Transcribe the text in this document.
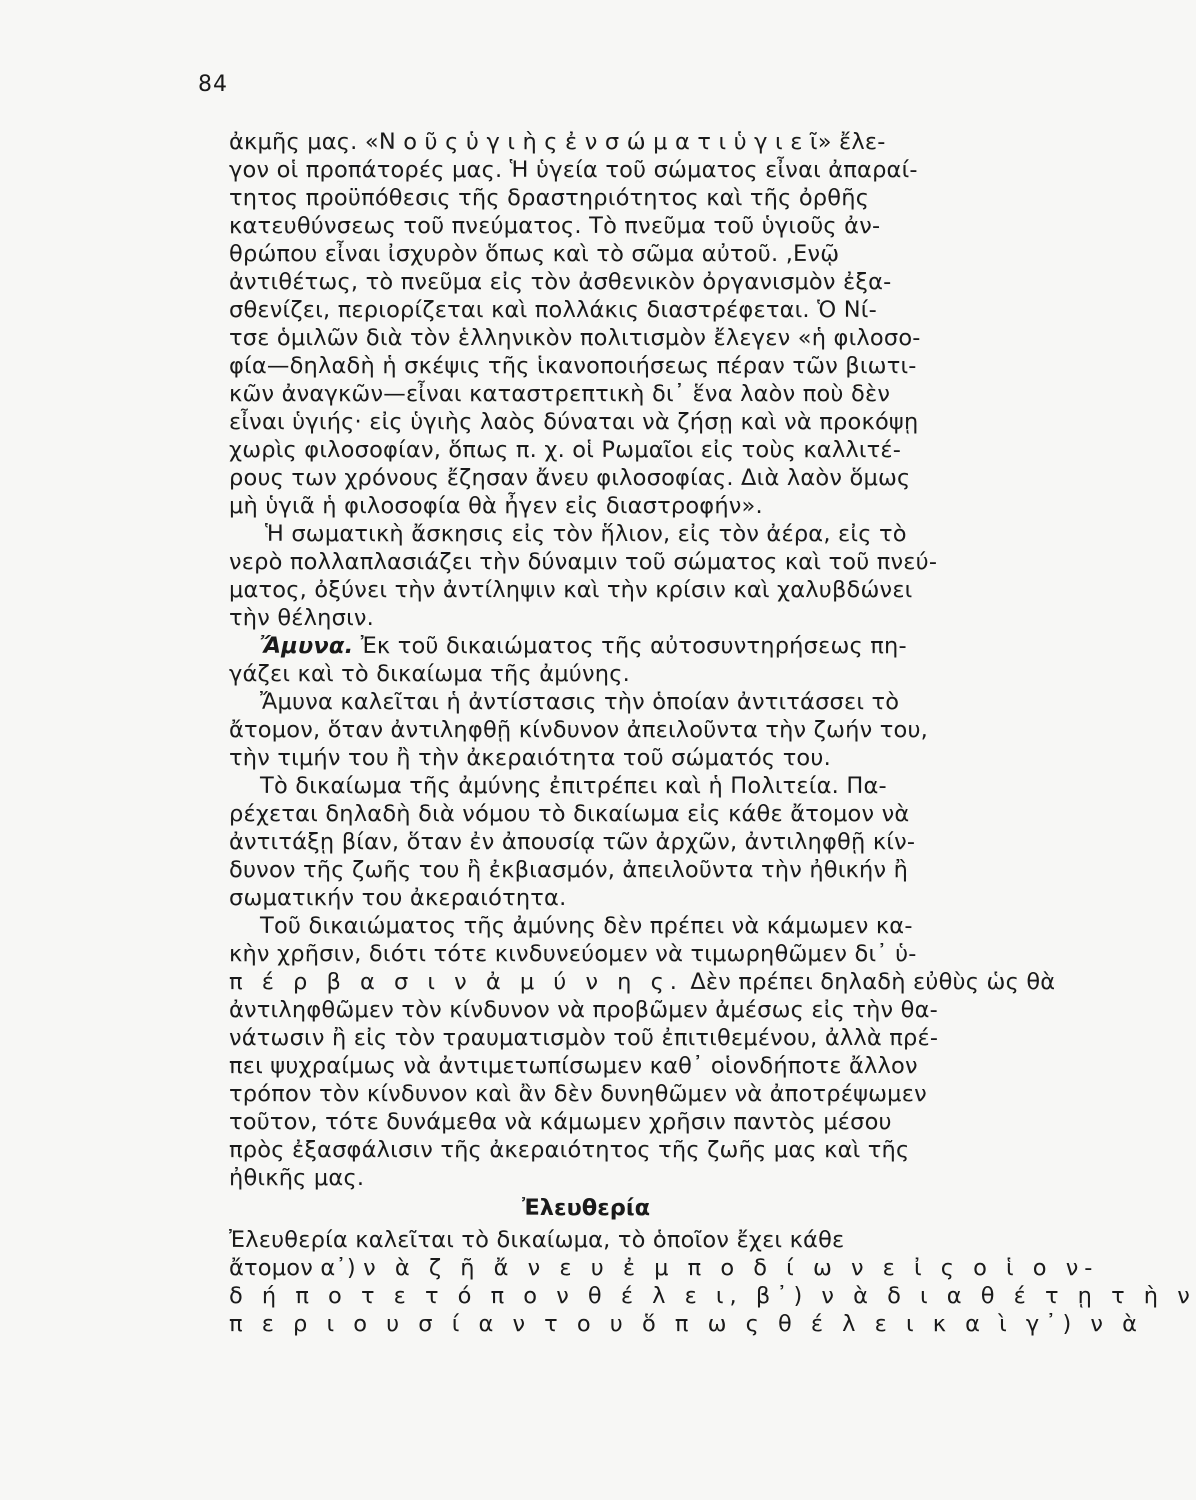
84
ἀκμῆς μας. «Ν ο ῦ ς ὑ γ ι ὴ ς ἐ ν σ ώ μ α τ ι ὑ γ ι ε ῖ» ἔλε-
γον οἱ προπάτορές μας. Ἡ ὑγεία τοῦ σώματος εἶναι ἀπαραί-
τητος προϋπόθεσις τῆς δραστηριότητος καὶ τῆς ὀρθῆς
κατευθύνσεως τοῦ πνεύματος. Τὸ πνεῦμα τοῦ ὑγιοῦς ἀν-
θρώπου εἶναι ἰσχυρὸν ὅπως καὶ τὸ σῶμα αὐτοῦ. ,Ενῷ
ἀντιθέτως, τὸ πνεῦμα εἰς τὸν ἀσθενικὸν ὀργανισμὸν ἐξα-
σθενίζει, περιορίζεται καὶ πολλάκις διαστρέφεται. Ὁ Νί-
τσε ὁμιλῶν διὰ τὸν ἑλληνικὸν πολιτισμὸν ἔλεγεν «ἡ φιλοσο-
φία—δηλαδὴ ἡ σκέψις τῆς ἱκανοποιήσεως πέραν τῶν βιωτι-
κῶν ἀναγκῶν—εἶναι καταστρεπτικὴ δι᾽ ἕνα λαὸν ποὺ δὲν
εἶναι ὑγιής· εἰς ὑγιὴς λαὸς δύναται νὰ ζήσῃ καὶ νὰ προκόψῃ
χωρὶς φιλοσοφίαν, ὅπως π. χ. οἱ Ρωμαῖοι εἰς τοὺς καλλιτέ-
ρους των χρόνους ἔζησαν ἄνευ φιλοσοφίας. Διὰ λαὸν ὅμως
μὴ ὑγιᾶ ἡ φιλοσοφία θὰ ἦγεν εἰς διαστροφήν».
Ἡ σωματικὴ ἄσκησις εἰς τὸν ἥλιον, εἰς τὸν ἀέρα, εἰς τὸ
νερὸ πολλαπλασιάζει τὴν δύναμιν τοῦ σώματος καὶ τοῦ πνεύ-
ματος, ὀξύνει τὴν ἀντίληψιν καὶ τὴν κρίσιν καὶ χαλυβδώνει
τὴν θέλησιν.
Ἄμυνα. Ἐκ τοῦ δικαιώματος τῆς αὐτοσυντηρήσεως πη-
γάζει καὶ τὸ δικαίωμα τῆς ἀμύνης.
Ἄμυνα καλεῖται ἡ ἀντίστασις τὴν ὁποίαν ἀντιτάσσει τὸ
ἄτομον, ὅταν ἀντιληφθῇ κίνδυνον ἀπειλοῦντα τὴν ζωήν του,
τὴν τιμήν του ἢ τὴν ἀκεραιότητα τοῦ σώματός του.
Τὸ δικαίωμα τῆς ἀμύνης ἐπιτρέπει καὶ ἡ Πολιτεία. Πα-
ρέχεται δηλαδὴ διὰ νόμου τὸ δικαίωμα εἰς κάθε ἄτομον νὰ
ἀντιτάξῃ βίαν, ὅταν ἐν ἀπουσίᾳ τῶν ἀρχῶν, ἀντιληφθῇ κίν-
δυνον τῆς ζωῆς του ἢ ἐκβιασμόν, ἀπειλοῦντα τὴν ἠθικήν ἢ
σωματικήν του ἀκεραιότητα.
Τοῦ δικαιώματος τῆς ἀμύνης δὲν πρέπει νὰ κάμωμεν κα-
κὴν χρῆσιν, διότι τότε κινδυνεύομεν νὰ τιμωρηθῶμεν δι᾽ ὑ-
π έ ρ β α σ ι ν ἀ μ ύ ν η ς. Δὲν πρέπει δηλαδὴ εὐθὺς ὡς θὰ
ἀντιληφθῶμεν τὸν κίνδυνον νὰ προβῶμεν ἀμέσως εἰς τὴν θα-
νάτωσιν ἢ εἰς τὸν τραυματισμὸν τοῦ ἐπιτιθεμένου, ἀλλὰ πρέ-
πει ψυχραίμως νὰ ἀντιμετωπίσωμεν καθ᾽ οἱονδήποτε ἄλλον
τρόπον τὸν κίνδυνον καὶ ἂν δὲν δυνηθῶμεν νὰ ἀποτρέψωμεν
τοῦτον, τότε δυνάμεθα νὰ κάμωμεν χρῆσιν παντὸς μέσου
πρὸς ἐξασφάλισιν τῆς ἀκεραιότητος τῆς ζωῆς μας καὶ τῆς
ἠθικῆς μας.
Ἐλευθερία
Ἐλευθερία καλεῖται τὸ δικαίωμα, τὸ ὁποῖον ἔχει κάθε
ἄτομον α᾽) ν ὰ ζ ῆ ἄ ν ε υ ἐ μ π ο δ ί ω ν ε ἰ ς ο ἱ ο ν-
δ ή π ο τ ε τ ό π ο ν θ έ λ ε ι, β᾽) ν ὰ δ ι α θ έ τ ῃ τ ὴ ν
π ε ρ ι ο υ σ ί α ν τ ο υ ὅ π ω ς θ έ λ ε ι κ α ὶ γ᾽) ν ὰ
